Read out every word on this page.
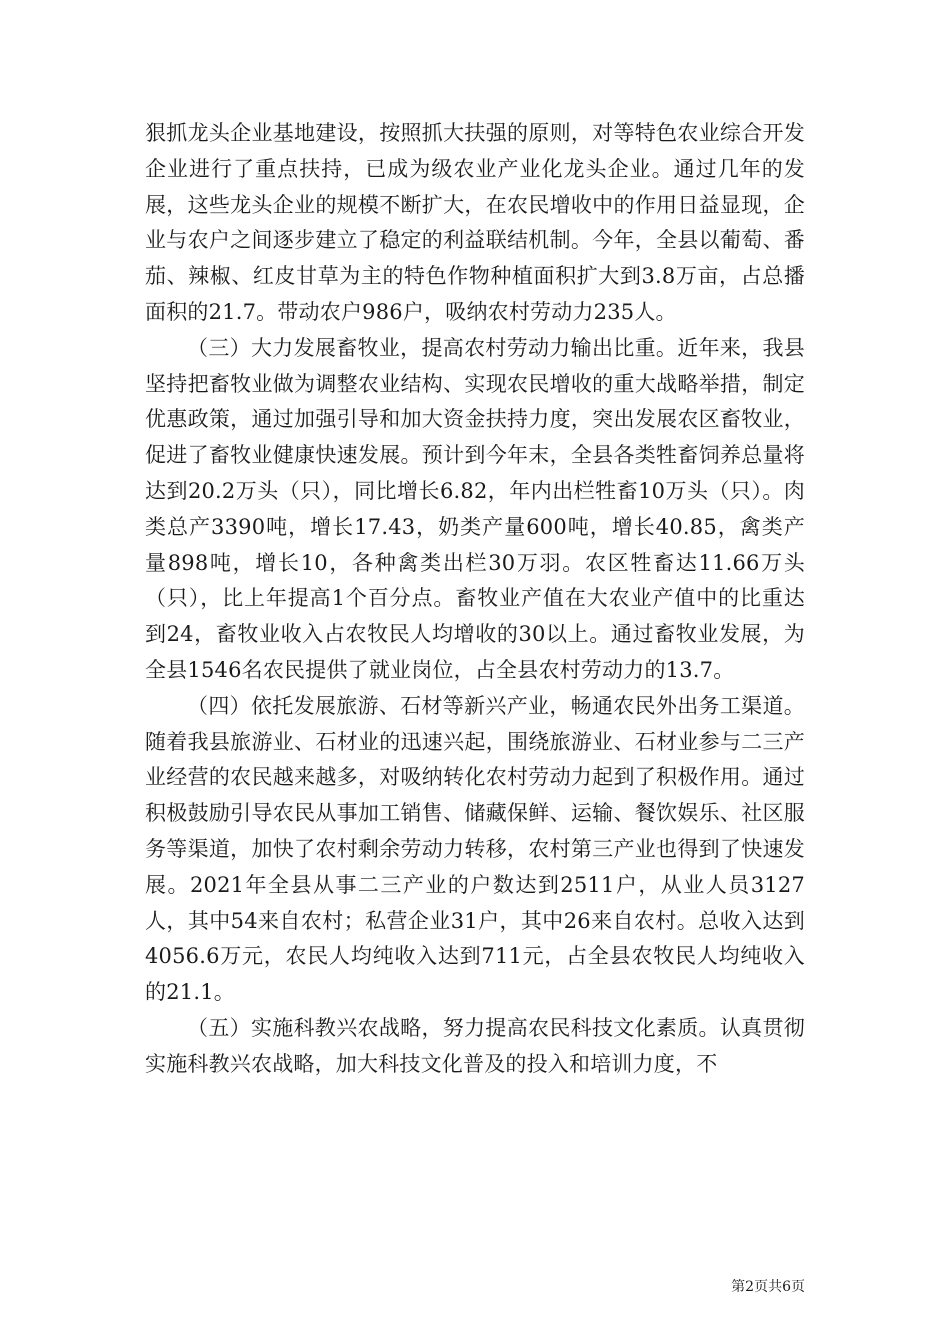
狠抓龙头企业基地建设，按照抓大扶强的原则，对等特色农业综合开发企业进行了重点扶持，已成为级农业产业化龙头企业。通过几年的发展，这些龙头企业的规模不断扩大，在农民增收中的作用日益显现，企业与农户之间逐步建立了稳定的利益联结机制。今年，全县以葡萄、番茄、辣椒、红皮甘草为主的特色作物种植面积扩大到3.8万亩，占总播面积的21.7。带动农户986户，吸纳农村劳动力235人。

（三）大力发展畜牧业，提高农村劳动力输出比重。近年来，我县坚持把畜牧业做为调整农业结构、实现农民增收的重大战略举措，制定优惠政策，通过加强引导和加大资金扶持力度，突出发展农区畜牧业，促进了畜牧业健康快速发展。预计到今年末，全县各类牲畜饲养总量将达到20.2万头（只），同比增长6.82，年内出栏牲畜10万头（只）。肉类总产3390吨，增长17.43，奶类产量600吨，增长40.85，禽类产量898吨，增长10，各种禽类出栏30万羽。农区牲畜达11.66万头（只），比上年提高1个百分点。畜牧业产值在大农业产值中的比重达到24，畜牧业收入占农牧民人均增收的30以上。通过畜牧业发展，为全县1546名农民提供了就业岗位，占全县农村劳动力的13.7。

（四）依托发展旅游、石材等新兴产业，畅通农民外出务工渠道。随着我县旅游业、石材业的迅速兴起，围绕旅游业、石材业参与二三产业经营的农民越来越多，对吸纳转化农村劳动力起到了积极作用。通过积极鼓励引导农民从事加工销售、储藏保鲜、运输、餐饮娱乐、社区服务等渠道，加快了农村剩余劳动力转移，农村第三产业也得到了快速发展。2021年全县从事二三产业的户数达到2511户，从业人员3127人，其中54来自农村；私营企业31户，其中26来自农村。总收入达到4056.6万元，农民人均纯收入达到711元，占全县农牧民人均纯收入的21.1。

（五）实施科教兴农战略，努力提高农民科技文化素质。认真贯彻实施科教兴农战略，加大科技文化普及的投入和培训力度，不

第2页共6页
